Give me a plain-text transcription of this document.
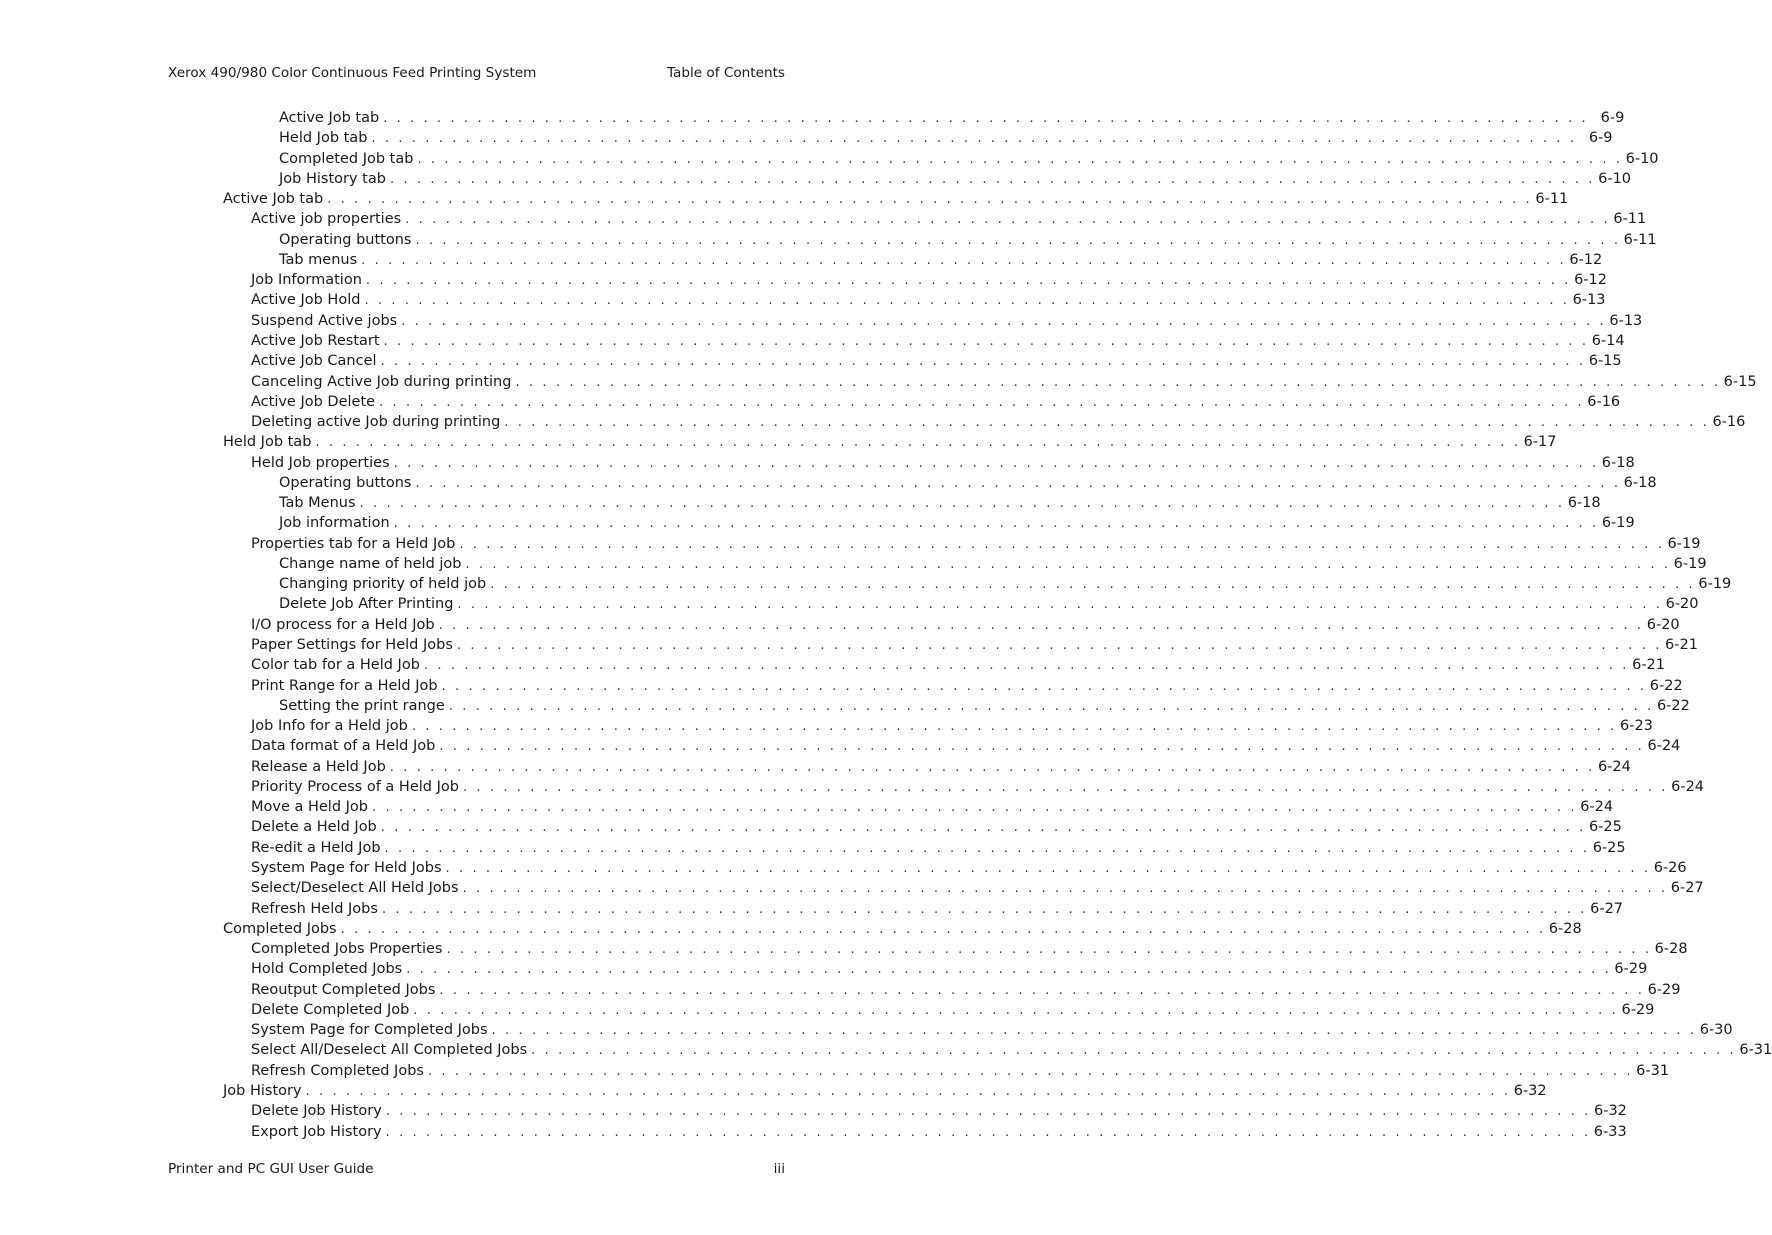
Xerox 490/980 Color Continuous Feed Printing System	Table of Contents
Active Job tab . . . . . . . . . . . . . . . . . . . . . . . . . . . . . . . . . . . . . . . . . . . . . . . . . . . . . . . . . . . . . . . . . . . . . . . . . . . . . . . . . . . . . . . . . . 6-9
Held Job tab . . . . . . . . . . . . . . . . . . . . . . . . . . . . . . . . . . . . . . . . . . . . . . . . . . . . . . . . . . . . . . . . . . . . . . . . . . . . . . . . . . . . . . . . . . 6-9
Completed Job tab . . . . . . . . . . . . . . . . . . . . . . . . . . . . . . . . . . . . . . . . . . . . . . . . . . . . . . . . . . . . . . . . . . . . . . . . . . . . . . . . . . . . . . . . . . 6-10
Job History tab . . . . . . . . . . . . . . . . . . . . . . . . . . . . . . . . . . . . . . . . . . . . . . . . . . . . . . . . . . . . . . . . . . . . . . . . . . . . . . . . . . . . . . . . . . 6-10
Active Job tab . . . . . . . . . . . . . . . . . . . . . . . . . . . . . . . . . . . . . . . . . . . . . . . . . . . . . . . . . . . . . . . . . . . . . . . . . . . . . . . . . . . . . . . . . . 6-11
Active job properties . . . . . . . . . . . . . . . . . . . . . . . . . . . . . . . . . . . . . . . . . . . . . . . . . . . . . . . . . . . . . . . . . . . . . . . . . . . . . . . . . . . . . . . . . . 6-11
Operating buttons . . . . . . . . . . . . . . . . . . . . . . . . . . . . . . . . . . . . . . . . . . . . . . . . . . . . . . . . . . . . . . . . . . . . . . . . . . . . . . . . . . . . . . . . . . 6-11
Tab menus . . . . . . . . . . . . . . . . . . . . . . . . . . . . . . . . . . . . . . . . . . . . . . . . . . . . . . . . . . . . . . . . . . . . . . . . . . . . . . . . . . . . . . . . . . 6-12
Job Information . . . . . . . . . . . . . . . . . . . . . . . . . . . . . . . . . . . . . . . . . . . . . . . . . . . . . . . . . . . . . . . . . . . . . . . . . . . . . . . . . . . . . . . . . . 6-12
Active Job Hold . . . . . . . . . . . . . . . . . . . . . . . . . . . . . . . . . . . . . . . . . . . . . . . . . . . . . . . . . . . . . . . . . . . . . . . . . . . . . . . . . . . . . . . . . . 6-13
Suspend Active jobs . . . . . . . . . . . . . . . . . . . . . . . . . . . . . . . . . . . . . . . . . . . . . . . . . . . . . . . . . . . . . . . . . . . . . . . . . . . . . . . . . . . . . . . . . . 6-13
Active Job Restart . . . . . . . . . . . . . . . . . . . . . . . . . . . . . . . . . . . . . . . . . . . . . . . . . . . . . . . . . . . . . . . . . . . . . . . . . . . . . . . . . . . . . . . . . . 6-14
Active Job Cancel . . . . . . . . . . . . . . . . . . . . . . . . . . . . . . . . . . . . . . . . . . . . . . . . . . . . . . . . . . . . . . . . . . . . . . . . . . . . . . . . . . . . . . . . . . 6-15
Canceling Active Job during printing . . . . . . . . . . . . . . . . . . . . . . . . . . . . . . . . . . . . . . . . . . . . . . . . . . . . . . . . . . . . . . . . . . . . . . . . . . . . . . . . . . . . . . . . . . 6-15
Active Job Delete . . . . . . . . . . . . . . . . . . . . . . . . . . . . . . . . . . . . . . . . . . . . . . . . . . . . . . . . . . . . . . . . . . . . . . . . . . . . . . . . . . . . . . . . . . 6-16
Deleting active Job during printing . . . . . . . . . . . . . . . . . . . . . . . . . . . . . . . . . . . . . . . . . . . . . . . . . . . . . . . . . . . . . . . . . . . . . . . . . . . . . . . . . . . . . . . . . . 6-16
Held Job tab . . . . . . . . . . . . . . . . . . . . . . . . . . . . . . . . . . . . . . . . . . . . . . . . . . . . . . . . . . . . . . . . . . . . . . . . . . . . . . . . . . . . . . . . . . 6-17
Held Job properties . . . . . . . . . . . . . . . . . . . . . . . . . . . . . . . . . . . . . . . . . . . . . . . . . . . . . . . . . . . . . . . . . . . . . . . . . . . . . . . . . . . . . . . . . . 6-18
Operating buttons . . . . . . . . . . . . . . . . . . . . . . . . . . . . . . . . . . . . . . . . . . . . . . . . . . . . . . . . . . . . . . . . . . . . . . . . . . . . . . . . . . . . . . . . . . 6-18
Tab Menus . . . . . . . . . . . . . . . . . . . . . . . . . . . . . . . . . . . . . . . . . . . . . . . . . . . . . . . . . . . . . . . . . . . . . . . . . . . . . . . . . . . . . . . . . . 6-18
Job information . . . . . . . . . . . . . . . . . . . . . . . . . . . . . . . . . . . . . . . . . . . . . . . . . . . . . . . . . . . . . . . . . . . . . . . . . . . . . . . . . . . . . . . . . . 6-19
Properties tab for a Held Job . . . . . . . . . . . . . . . . . . . . . . . . . . . . . . . . . . . . . . . . . . . . . . . . . . . . . . . . . . . . . . . . . . . . . . . . . . . . . . . . . . . . . . . . . . 6-19
Change name of held job . . . . . . . . . . . . . . . . . . . . . . . . . . . . . . . . . . . . . . . . . . . . . . . . . . . . . . . . . . . . . . . . . . . . . . . . . . . . . . . . . . . . . . . . . . 6-19
Changing priority of held job . . . . . . . . . . . . . . . . . . . . . . . . . . . . . . . . . . . . . . . . . . . . . . . . . . . . . . . . . . . . . . . . . . . . . . . . . . . . . . . . . . . . . . . . . . 6-19
Delete Job After Printing . . . . . . . . . . . . . . . . . . . . . . . . . . . . . . . . . . . . . . . . . . . . . . . . . . . . . . . . . . . . . . . . . . . . . . . . . . . . . . . . . . . . . . . . . . 6-20
I/O process for a Held Job . . . . . . . . . . . . . . . . . . . . . . . . . . . . . . . . . . . . . . . . . . . . . . . . . . . . . . . . . . . . . . . . . . . . . . . . . . . . . . . . . . . . . . . . . . 6-20
Paper Settings for Held Jobs . . . . . . . . . . . . . . . . . . . . . . . . . . . . . . . . . . . . . . . . . . . . . . . . . . . . . . . . . . . . . . . . . . . . . . . . . . . . . . . . . . . . . . . . . . 6-21
Color tab for a Held Job . . . . . . . . . . . . . . . . . . . . . . . . . . . . . . . . . . . . . . . . . . . . . . . . . . . . . . . . . . . . . . . . . . . . . . . . . . . . . . . . . . . . . . . . . . 6-21
Print Range for a Held Job . . . . . . . . . . . . . . . . . . . . . . . . . . . . . . . . . . . . . . . . . . . . . . . . . . . . . . . . . . . . . . . . . . . . . . . . . . . . . . . . . . . . . . . . . . 6-22
Setting the print range . . . . . . . . . . . . . . . . . . . . . . . . . . . . . . . . . . . . . . . . . . . . . . . . . . . . . . . . . . . . . . . . . . . . . . . . . . . . . . . . . . . . . . . . . . 6-22
Job Info for a Held job . . . . . . . . . . . . . . . . . . . . . . . . . . . . . . . . . . . . . . . . . . . . . . . . . . . . . . . . . . . . . . . . . . . . . . . . . . . . . . . . . . . . . . . . . . 6-23
Data format of a Held Job . . . . . . . . . . . . . . . . . . . . . . . . . . . . . . . . . . . . . . . . . . . . . . . . . . . . . . . . . . . . . . . . . . . . . . . . . . . . . . . . . . . . . . . . . . 6-24
Release a Held Job . . . . . . . . . . . . . . . . . . . . . . . . . . . . . . . . . . . . . . . . . . . . . . . . . . . . . . . . . . . . . . . . . . . . . . . . . . . . . . . . . . . . . . . . . . 6-24
Priority Process of a Held Job . . . . . . . . . . . . . . . . . . . . . . . . . . . . . . . . . . . . . . . . . . . . . . . . . . . . . . . . . . . . . . . . . . . . . . . . . . . . . . . . . . . . . . . . . . 6-24
Move a Held Job . . . . . . . . . . . . . . . . . . . . . . . . . . . . . . . . . . . . . . . . . . . . . . . . . . . . . . . . . . . . . . . . . . . . . . . . . . . . . . . . . . . . . . . . . . 6-24
Delete a Held Job . . . . . . . . . . . . . . . . . . . . . . . . . . . . . . . . . . . . . . . . . . . . . . . . . . . . . . . . . . . . . . . . . . . . . . . . . . . . . . . . . . . . . . . . . . 6-25
Re-edit a Held Job . . . . . . . . . . . . . . . . . . . . . . . . . . . . . . . . . . . . . . . . . . . . . . . . . . . . . . . . . . . . . . . . . . . . . . . . . . . . . . . . . . . . . . . . . . 6-25
System Page for Held Jobs . . . . . . . . . . . . . . . . . . . . . . . . . . . . . . . . . . . . . . . . . . . . . . . . . . . . . . . . . . . . . . . . . . . . . . . . . . . . . . . . . . . . . . . . . . 6-26
Select/Deselect All Held Jobs . . . . . . . . . . . . . . . . . . . . . . . . . . . . . . . . . . . . . . . . . . . . . . . . . . . . . . . . . . . . . . . . . . . . . . . . . . . . . . . . . . . . . . . . . . 6-27
Refresh Held Jobs . . . . . . . . . . . . . . . . . . . . . . . . . . . . . . . . . . . . . . . . . . . . . . . . . . . . . . . . . . . . . . . . . . . . . . . . . . . . . . . . . . . . . . . . . . 6-27
Completed Jobs . . . . . . . . . . . . . . . . . . . . . . . . . . . . . . . . . . . . . . . . . . . . . . . . . . . . . . . . . . . . . . . . . . . . . . . . . . . . . . . . . . . . . . . . . . 6-28
Completed Jobs Properties . . . . . . . . . . . . . . . . . . . . . . . . . . . . . . . . . . . . . . . . . . . . . . . . . . . . . . . . . . . . . . . . . . . . . . . . . . . . . . . . . . . . . . . . . . 6-28
Hold Completed Jobs . . . . . . . . . . . . . . . . . . . . . . . . . . . . . . . . . . . . . . . . . . . . . . . . . . . . . . . . . . . . . . . . . . . . . . . . . . . . . . . . . . . . . . . . . . 6-29
Reoutput Completed Jobs . . . . . . . . . . . . . . . . . . . . . . . . . . . . . . . . . . . . . . . . . . . . . . . . . . . . . . . . . . . . . . . . . . . . . . . . . . . . . . . . . . . . . . . . . . 6-29
Delete Completed Job . . . . . . . . . . . . . . . . . . . . . . . . . . . . . . . . . . . . . . . . . . . . . . . . . . . . . . . . . . . . . . . . . . . . . . . . . . . . . . . . . . . . . . . . . . 6-29
System Page for Completed Jobs . . . . . . . . . . . . . . . . . . . . . . . . . . . . . . . . . . . . . . . . . . . . . . . . . . . . . . . . . . . . . . . . . . . . . . . . . . . . . . . . . . . . . . . . . . 6-30
Select All/Deselect All Completed Jobs . . . . . . . . . . . . . . . . . . . . . . . . . . . . . . . . . . . . . . . . . . . . . . . . . . . . . . . . . . . . . . . . . . . . . . . . . . . . . . . . . . . . . . . . . . 6-31
Refresh Completed Jobs . . . . . . . . . . . . . . . . . . . . . . . . . . . . . . . . . . . . . . . . . . . . . . . . . . . . . . . . . . . . . . . . . . . . . . . . . . . . . . . . . . . . . . . . . . 6-31
Job History . . . . . . . . . . . . . . . . . . . . . . . . . . . . . . . . . . . . . . . . . . . . . . . . . . . . . . . . . . . . . . . . . . . . . . . . . . . . . . . . . . . . . . . . . . 6-32
Delete Job History . . . . . . . . . . . . . . . . . . . . . . . . . . . . . . . . . . . . . . . . . . . . . . . . . . . . . . . . . . . . . . . . . . . . . . . . . . . . . . . . . . . . . . . . . . 6-32
Export Job History . . . . . . . . . . . . . . . . . . . . . . . . . . . . . . . . . . . . . . . . . . . . . . . . . . . . . . . . . . . . . . . . . . . . . . . . . . . . . . . . . . . . . . . . . . 6-33
Printer and PC GUI User Guide	iii
